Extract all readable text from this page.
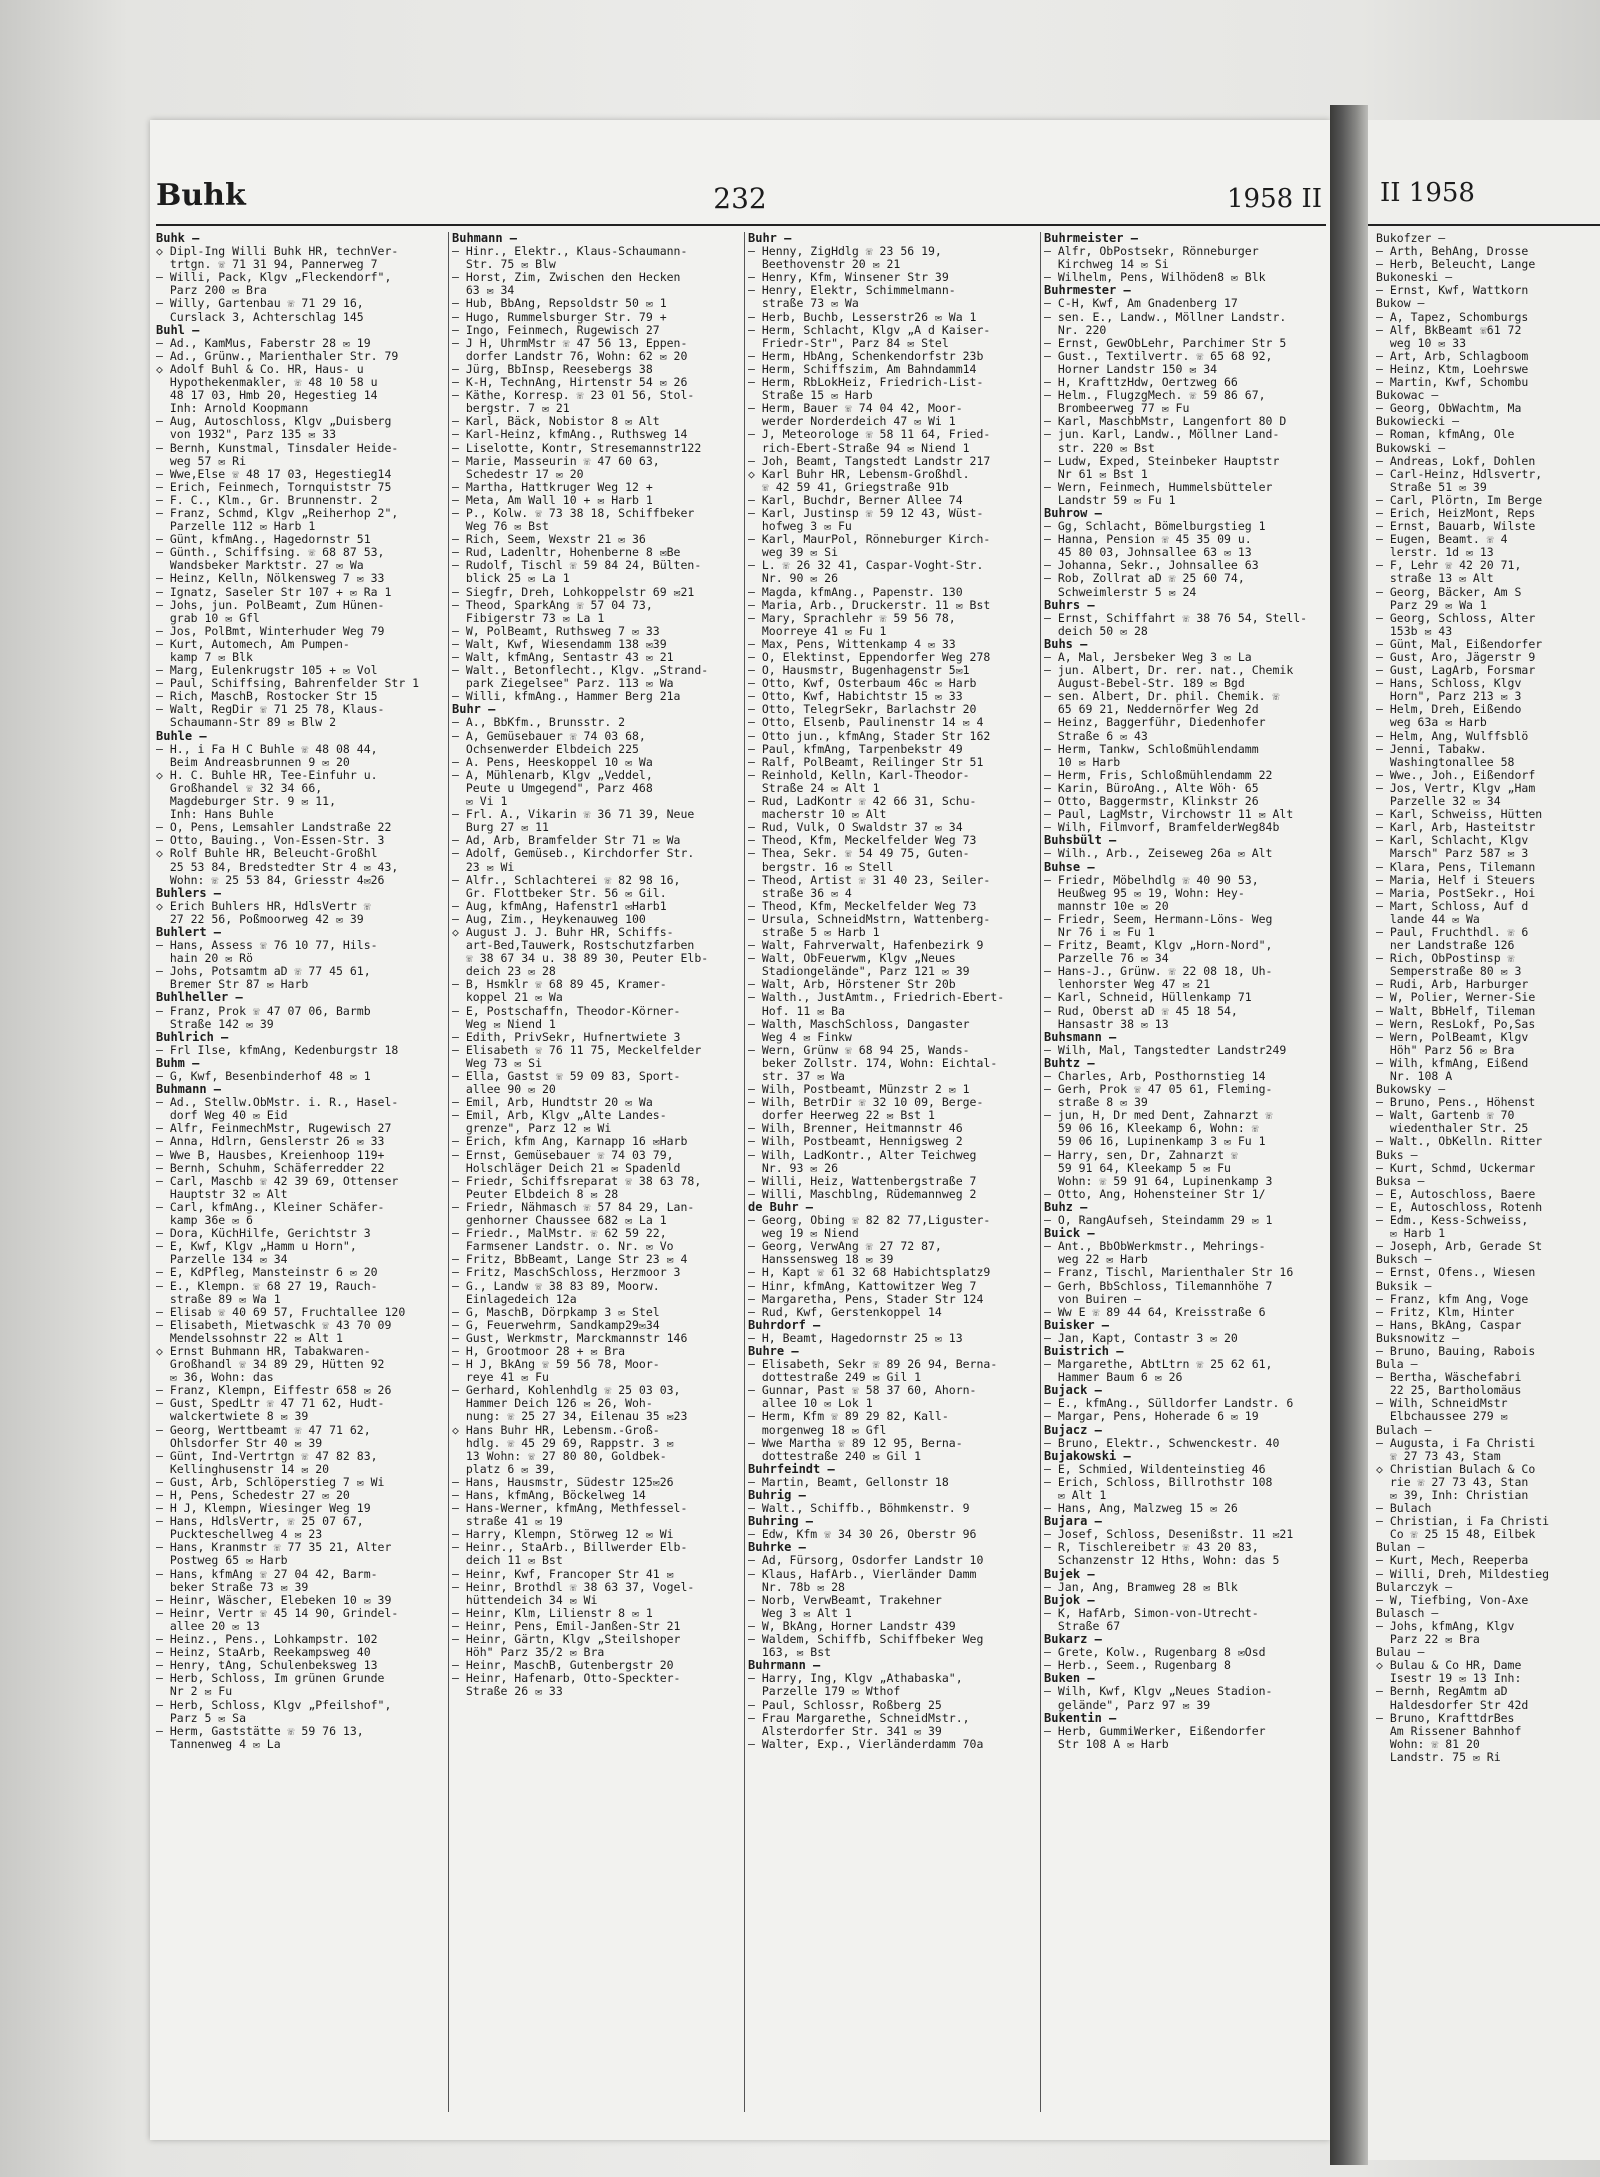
Buhk	232	1958 II
Buhk —
◇ Dipl-Ing Willi Buhk HR, technVer-
trtgn. ☏ 71 31 94, Pannerweg 7
— Willi, Pack, Klgv „Fleckendorf",
Parz 200 ✉ Bra
— Willy, Gartenbau ☏ 71 29 16,
Curslack 3, Achterschlag 145
Buhl —
— Ad., KamMus, Faberstr 28 ✉ 19
— Ad., Grünw., Marienthaler Str. 79
◇ Adolf Buhl & Co. HR, Haus- u
Hypothekenmakler, ☏ 48 10 58 u
48 17 03, Hmb 20, Hegestieg 14
Inh: Arnold Koopmann
— Aug, Autoschloss, Klgv „Duisberg
von 1932", Parz 135 ✉ 33
— Bernh, Kunstmal, Tinsdaler Heide-
weg 57 ✉ Ri
— Wwe,Else ☏ 48 17 03, Hegestieg14
— Erich, Feinmech, Tornquiststr 75
— F. C., Klm., Gr. Brunnenstr. 2
— Franz, Schmd, Klgv „Reiherhop 2",
Parzelle 112 ✉ Harb 1
— Günt, kfmAng., Hagedornstr 51
— Günth., Schiffsing. ☏ 68 87 53,
Wandsbeker Marktstr. 27 ✉ Wa
— Heinz, Kelln, Nölkensweg 7 ✉ 33
— Ignatz, Saseler Str 107 + ✉ Ra 1
— Johs, jun. PolBeamt, Zum Hünen-
grab 10 ✉ Gfl
— Jos, PolBmt, Winterhuder Weg 79
— Kurt, Automech, Am Pumpen-
kamp 7 ✉ Blk
— Marg, Eulenkrugstr 105 + ✉ Vol
— Paul, Schiffsing, Bahrenfelder Str 1
— Rich, MaschB, Rostocker Str 15
— Walt, RegDir ☏ 71 25 78, Klaus-
Schaumann-Str 89 ✉ Blw 2
Buhle —
— H., i Fa H C Buhle ☏ 48 08 44,
Beim Andreasbrunnen 9 ✉ 20
◇ H. C. Buhle HR, Tee-Einfuhr u.
Großhandel ☏ 32 34 66,
Magdeburger Str. 9 ✉ 11,
Inh: Hans Buhle
— O, Pens, Lemsahler Landstraße 22
— Otto, Bauing., Von-Essen-Str. 3
◇ Rolf Buhle HR, Beleucht-Großhl
25 53 84, Bredstedter Str 4 ✉ 43,
Wohn: ☏ 25 53 84, Griesstr 4✉26
Buhlers —
◇ Erich Buhlers HR, HdlsVertr ☏
27 22 56, Poßmoorweg 42 ✉ 39
Buhlert —
— Hans, Assess ☏ 76 10 77, Hils-
hain 20 ✉ Rö
— Johs, Potsamtm aD ☏ 77 45 61,
Bremer Str 87 ✉ Harb
Buhlheller —
— Franz, Prok ☏ 47 07 06, Barmb
Straße 142 ✉ 39
Buhlrich —
— Frl Ilse, kfmAng, Kedenburgstr 18
Buhm —
— G, Kwf, Besenbinderhof 48 ✉ 1
Buhmann —
— Ad., Stellw.ObMstr. i. R., Hasel-
dorf Weg 40 ✉ Eid
— Alfr, FeinmechMstr, Rugewisch 27
— Anna, Hdlrn, Genslerstr 26 ✉ 33
— Wwe B, Hausbes, Kreienhoop 119+
— Bernh, Schuhm, Schäferredder 22
— Carl, Maschb ☏ 42 39 69, Ottenser
Hauptstr 32 ✉ Alt
— Carl, kfmAng., Kleiner Schäfer-
kamp 36e ✉ 6
— Dora, KüchHilfe, Gerichtstr 3
— E, Kwf, Klgv „Hamm u Horn",
Parzelle 134 ✉ 34
— E, KdPfleg, Mansteinstr 6 ✉ 20
— E., Klempn. ☏ 68 27 19, Rauch-
straße 89 ✉ Wa 1
— Elisab ☏ 40 69 57, Fruchtallee 120
— Elisabeth, Mietwaschk ☏ 43 70 09
Mendelssohnstr 22 ✉ Alt 1
◇ Ernst Buhmann HR, Tabakwaren-
Großhandl ☏ 34 89 29, Hütten 92
✉ 36, Wohn: das
— Franz, Klempn, Eiffestr 658 ✉ 26
— Gust, SpedLtr ☏ 47 71 62, Hudt-
walckertwiete 8 ✉ 39
— Georg, Werttbeamt ☏ 47 71 62,
Ohlsdorfer Str 40 ✉ 39
— Günt, Ind-Vertrtgn ☏ 47 82 83,
Kellinghusenstr 14 ✉ 20
— Gust, Arb, Schlöperstieg 7 ✉ Wi
— H, Pens, Schedestr 27 ✉ 20
— H J, Klempn, Wiesinger Weg 19
— Hans, HdlsVertr, ☏ 25 07 67,
Puckteschellweg 4 ✉ 23
— Hans, Kranmstr ☏ 77 35 21, Alter
Postweg 65 ✉ Harb
— Hans, kfmAng ☏ 27 04 42, Barm-
beker Straße 73 ✉ 39
— Heinr, Wäscher, Elebeken 10 ✉ 39
— Heinr, Vertr ☏ 45 14 90, Grindel-
allee 20 ✉ 13
— Heinz., Pens., Lohkampstr. 102
— Heinz, StaArb, Reekampsweg 40
— Henry, tAng, Schulenbeksweg 13
— Herb, Schloss, Im grünen Grunde
Nr 2 ✉ Fu
— Herb, Schloss, Klgv „Pfeilshof",
Parz 5 ✉ Sa
— Herm, Gaststätte ☏ 59 76 13,
Tannenweg 4 ✉ La
Buhmann —
— Hinr., Elektr., Klaus-Schaumann-
Str. 75 ✉ Blw
— Horst, Zim, Zwischen den Hecken
63 ✉ 34
— Hub, BbAng, Repsoldstr 50 ✉ 1
— Hugo, Rummelsburger Str. 79 +
— Ingo, Feinmech, Rugewisch 27
— J H, UhrmMstr ☏ 47 56 13, Eppen-
dorfer Landstr 76, Wohn: 62 ✉ 20
— Jürg, BbInsp, Reesebergs 38
— K-H, TechnAng, Hirtenstr 54 ✉ 26
— Käthe, Korresp. ☏ 23 01 56, Stol-
bergstr. 7 ✉ 21
— Karl, Bäck, Nobistor 8 ✉ Alt
— Karl-Heinz, kfmAng., Ruthsweg 14
— Liselotte, Kontr, Stresemannstr122
— Marie, Masseurin ☏ 47 60 63,
Schedestr 17 ✉ 20
— Martha, Hattkruger Weg 12 +
— Meta, Am Wall 10 + ✉ Harb 1
— P., Kolw. ☏ 73 38 18, Schiffbeker
Weg 76 ✉ Bst
— Rich, Seem, Wexstr 21 ✉ 36
— Rud, Ladenltr, Hohenberne 8 ✉Be
— Rudolf, Tischl ☏ 59 84 24, Bülten-
blick 25 ✉ La 1
— Siegfr, Dreh, Lohkoppelstr 69 ✉21
— Theod, SparkAng ☏ 57 04 73,
Fibigerstr 73 ✉ La 1
— W, PolBeamt, Ruthsweg 7 ✉ 33
— Walt, Kwf, Wiesendamm 138 ✉39
— Walt, kfmAng, Sentastr 43 ✉ 21
— Walt., Betonflecht., Klgv. „Strand-
park Ziegelsee" Parz. 113 ✉ Wa
— Willi, kfmAng., Hammer Berg 21a
Buhr —
— A., BbKfm., Brunsstr. 2
— A, Gemüsebauer ☏ 74 03 68,
Ochsenwerder Elbdeich 225
— A. Pens, Heeskoppel 10 ✉ Wa
— A, Mühlenarb, Klgv „Veddel,
Peute u Umgegend", Parz 468
✉ Vi 1
— Frl. A., Vikarin ☏ 36 71 39, Neue
Burg 27 ✉ 11
— Ad, Arb, Bramfelder Str 71 ✉ Wa
— Adolf, Gemüseb., Kirchdorfer Str.
23 ✉ Wi
— Alfr., Schlachterei ☏ 82 98 16,
Gr. Flottbeker Str. 56 ✉ Gil.
— Aug, kfmAng, Hafenstr1 ✉Harb1
— Aug, Zim., Heykenauweg 100
◇ August J. J. Buhr HR, Schiffs-
art-Bed,Tauwerk, Rostschutzfarben
☏ 38 67 34 u. 38 89 30, Peuter Elb-
deich 23 ✉ 28
— B, Hsmklr ☏ 68 89 45, Kramer-
koppel 21 ✉ Wa
— E, Postschaffn, Theodor-Körner-
Weg ✉ Niend 1
— Edith, PrivSekr, Hufnertwiete 3
— Elisabeth ☏ 76 11 75, Meckelfelder
Weg 73 ✉ Si
— Ella, Gastst ☏ 59 09 83, Sport-
allee 90 ✉ 20
— Emil, Arb, Hundtstr 20 ✉ Wa
— Emil, Arb, Klgv „Alte Landes-
grenze", Parz 12 ✉ Wi
— Erich, kfm Ang, Karnapp 16 ✉Harb
— Ernst, Gemüsebauer ☏ 74 03 79,
Holschläger Deich 21 ✉ Spadenld
— Friedr, Schiffsreparat ☏ 38 63 78,
Peuter Elbdeich 8 ✉ 28
— Friedr, Nähmasch ☏ 57 84 29, Lan-
genhorner Chaussee 682 ✉ La 1
— Friedr., MalMstr. ☏ 62 59 22,
Farmsener Landstr. o. Nr. ✉ Vo
— Fritz, BbBeamt, Lange Str 23 ✉ 4
— Fritz, MaschSchloss, Herzmoor 3
— G., Landw ☏ 38 83 89, Moorw.
Einlagedeich 12a
— G, MaschB, Dörpkamp 3 ✉ Stel
— G, Feuerwehrm, Sandkamp29✉34
— Gust, Werkmstr, Marckmannstr 146
— H, Grootmoor 28 + ✉ Bra
— H J, BkAng ☏ 59 56 78, Moor-
reye 41 ✉ Fu
— Gerhard, Kohlenhdlg ☏ 25 03 03,
Hammer Deich 126 ✉ 26, Woh-
nung: ☏ 25 27 34, Eilenau 35 ✉23
◇ Hans Buhr HR, Lebensm.-Groß-
hdlg. ☏ 45 29 69, Rappstr. 3 ✉
13 Wohn: ☏ 27 80 80, Goldbek-
platz 6 ✉ 39,
— Hans, Hausmstr, Südestr 125✉26
— Hans, kfmAng, Böckelweg 14
— Hans-Werner, kfmAng, Methfessel-
straße 41 ✉ 19
— Harry, Klempn, Störweg 12 ✉ Wi
— Heinr., StaArb., Billwerder Elb-
deich 11 ✉ Bst
— Heinr, Kwf, Francoper Str 41 ✉
— Heinr, Brothdl ☏ 38 63 37, Vogel-
hüttendeich 34 ✉ Wi
— Heinr, Klm, Lilienstr 8 ✉ 1
— Heinr, Pens, Emil-Janßen-Str 21
— Heinr, Gärtn, Klgv „Steilshoper
Höh" Parz 35/2 ✉ Bra
— Heinr, MaschB, Gutenbergstr 20
— Heinr, Hafenarb, Otto-Speckter-
Straße 26 ✉ 33
Buhr —
— Henny, ZigHdlg ☏ 23 56 19,
Beethovenstr 20 ✉ 21
— Henry, Kfm, Winsener Str 39
— Henry, Elektr, Schimmelmann-
straße 73 ✉ Wa
— Herb, Buchb, Lesserstr26 ✉ Wa 1
— Herm, Schlacht, Klgv „A d Kaiser-
Friedr-Str", Parz 84 ✉ Stel
— Herm, HbAng, Schenkendorfstr 23b
— Herm, Schiffszim, Am Bahndamm14
— Herm, RbLokHeiz, Friedrich-List-
Straße 15 ✉ Harb
— Herm, Bauer ☏ 74 04 42, Moor-
werder Norderdeich 47 ✉ Wi 1
— J, Meteorologe ☏ 58 11 64, Fried-
rich-Ebert-Straße 94 ✉ Niend 1
— Joh, Beamt, Tangstedt Landstr 217
◇ Karl Buhr HR, Lebensm-Großhdl.
☏ 42 59 41, Griegstraße 91b
— Karl, Buchdr, Berner Allee 74
— Karl, Justinsp ☏ 59 12 43, Wüst-
hofweg 3 ✉ Fu
— Karl, MaurPol, Rönneburger Kirch-
weg 39 ✉ Si
— L. ☏ 26 32 41, Caspar-Voght-Str.
Nr. 90 ✉ 26
— Magda, kfmAng., Papenstr. 130
— Maria, Arb., Druckerstr. 11 ✉ Bst
— Mary, Sprachlehr ☏ 59 56 78,
Moorreye 41 ✉ Fu 1
— Max, Pens, Wittenkamp 4 ✉ 33
— O, Elektinst, Eppendorfer Weg 278
— O, Hausmstr, Bugenhagenstr 5✉1
— Otto, Kwf, Osterbaum 46c ✉ Harb
— Otto, Kwf, Habichtstr 15 ✉ 33
— Otto, TelegrSekr, Barlachstr 20
— Otto, Elsenb, Paulinenstr 14 ✉ 4
— Otto jun., kfmAng, Stader Str 162
— Paul, kfmAng, Tarpenbekstr 49
— Ralf, PolBeamt, Reilinger Str 51
— Reinhold, Kelln, Karl-Theodor-
Straße 24 ✉ Alt 1
— Rud, LadKontr ☏ 42 66 31, Schu-
macherstr 10 ✉ Alt
— Rud, Vulk, O Swaldstr 37 ✉ 34
— Theod, Kfm, Meckelfelder Weg 73
— Thea, Sekr. ☏ 54 49 75, Guten-
bergstr. 16 ✉ Stell
— Theod, Artist ☏ 31 40 23, Seiler-
straße 36 ✉ 4
— Theod, Kfm, Meckelfelder Weg 73
— Ursula, SchneidMstrn, Wattenberg-
straße 5 ✉ Harb 1
— Walt, Fahrverwalt, Hafenbezirk 9
— Walt, ObFeuerwm, Klgv „Neues
Stadiongelände", Parz 121 ✉ 39
— Walt, Arb, Hörstener Str 20b
— Walth., JustAmtm., Friedrich-Ebert-
Hof. 11 ✉ Ba
— Walth, MaschSchloss, Dangaster
Weg 4 ✉ Finkw
— Wern, Grünw ☏ 68 94 25, Wands-
beker Zollstr. 174, Wohn: Eichtal-
str. 37 ✉ Wa
— Wilh, Postbeamt, Münzstr 2 ✉ 1
— Wilh, BetrDir ☏ 32 10 09, Berge-
dorfer Heerweg 22 ✉ Bst 1
— Wilh, Brenner, Heitmannstr 46
— Wilh, Postbeamt, Hennigsweg 2
— Wilh, LadKontr., Alter Teichweg
Nr. 93 ✉ 26
— Willi, Heiz, Wattenbergstraße 7
— Willi, Maschblng, Rüdemannweg 2
de Buhr —
— Georg, Obing ☏ 82 82 77,Liguster-
weg 19 ✉ Niend
— Georg, VerwAng ☏ 27 72 87,
Hanssensweg 18 ✉ 39
— H, Kapt ☏ 61 32 68 Habichtsplatz9
— Hinr, kfmAng, Kattowitzer Weg 7
— Margaretha, Pens, Stader Str 124
— Rud, Kwf, Gerstenkoppel 14
Buhrdorf —
— H, Beamt, Hagedornstr 25 ✉ 13
Buhre —
— Elisabeth, Sekr ☏ 89 26 94, Berna-
dottestraße 249 ✉ Gil 1
— Gunnar, Past ☏ 58 37 60, Ahorn-
allee 10 ✉ Lok 1
— Herm, Kfm ☏ 89 29 82, Kall-
morgenweg 18 ✉ Gfl
— Wwe Martha ☏ 89 12 95, Berna-
dottestraße 240 ✉ Gil 1
Buhrfeindt —
— Martin, Beamt, Gellonstr 18
Buhrig —
— Walt., Schiffb., Böhmkenstr. 9
Buhring —
— Edw, Kfm ☏ 34 30 26, Oberstr 96
Buhrke —
— Ad, Fürsorg, Osdorfer Landstr 10
— Klaus, HafArb., Vierländer Damm
Nr. 78b ✉ 28
— Norb, VerwBeamt, Trakehner
Weg 3 ✉ Alt 1
— W, BkAng, Horner Landstr 439
— Waldem, Schiffb, Schiffbeker Weg
163, ✉ Bst
Buhrmann —
— Harry, Ing, Klgv „Athabaska",
Parzelle 179 ✉ Wthof
— Paul, Schlossr, Roßberg 25
— Frau Margarethe, SchneidMstr.,
Alsterdorfer Str. 341 ✉ 39
— Walter, Exp., Vierländerdamm 70a
Buhrmeister —
— Alfr, ObPostsekr, Rönneburger
Kirchweg 14 ✉ Si
— Wilhelm, Pens, Wilhöden8 ✉ Blk
Buhrmester —
— C-H, Kwf, Am Gnadenberg 17
— sen. E., Landw., Möllner Landstr.
Nr. 220
— Ernst, GewObLehr, Parchimer Str 5
— Gust., Textilvertr. ☏ 65 68 92,
Horner Landstr 150 ✉ 34
— H, KrafttzHdw, Oertzweg 66
— Helm., FlugzgMech. ☏ 59 86 67,
Brombeerweg 77 ✉ Fu
— Karl, MaschbMstr, Langenfort 80 D
— jun. Karl, Landw., Möllner Land-
str. 220 ✉ Bst
— Ludw, Exped, Steinbeker Hauptstr
Nr 61 ✉ Bst 1
— Wern, Feinmech, Hummelsbütteler
Landstr 59 ✉ Fu 1
Buhrow —
— Gg, Schlacht, Bömelburgstieg 1
— Hanna, Pension ☏ 45 35 09 u.
45 80 03, Johnsallee 63 ✉ 13
— Johanna, Sekr., Johnsallee 63
— Rob, Zollrat aD ☏ 25 60 74,
Schweimlerstr 5 ✉ 24
Buhrs —
— Ernst, Schiffahrt ☏ 38 76 54, Stell-
deich 50 ✉ 28
Buhs —
— A, Mal, Jersbeker Weg 3 ✉ La
— jun. Albert, Dr. rer. nat., Chemik
August-Bebel-Str. 189 ✉ Bgd
— sen. Albert, Dr. phil. Chemik. ☏
65 69 21, Neddernörfer Weg 2d
— Heinz, Baggerführ, Diedenhofer
Straße 6 ✉ 43
— Herm, Tankw, Schloßmühlendamm
10 ✉ Harb
— Herm, Fris, Schloßmühlendamm 22
— Karin, BüroAng., Alte Wöh· 65
— Otto, Baggermstr, Klinkstr 26
— Paul, LagMstr, Virchowstr 11 ✉ Alt
— Wilh, Filmvorf, BramfelderWeg84b
Buhsbült —
— Wilh., Arb., Zeiseweg 26a ✉ Alt
Buhse —
— Friedr, Möbelhdlg ☏ 40 90 53,
Heußweg 95 ✉ 19, Wohn: Hey-
mannstr 10e ✉ 20
— Friedr, Seem, Hermann-Löns- Weg
Nr 76 i ✉ Fu 1
— Fritz, Beamt, Klgv „Horn-Nord",
Parzelle 76 ✉ 34
— Hans-J., Grünw. ☏ 22 08 18, Uh-
lenhorster Weg 47 ✉ 21
— Karl, Schneid, Hüllenkamp 71
— Rud, Oberst aD ☏ 45 18 54,
Hansastr 38 ✉ 13
Buhsmann —
— Wilh, Mal, Tangstedter Landstr249
Buhtz —
— Charles, Arb, Posthornstieg 14
— Gerh, Prok ☏ 47 05 61, Fleming-
straße 8 ✉ 39
— jun, H, Dr med Dent, Zahnarzt ☏
59 06 16, Kleekamp 6, Wohn: ☏
59 06 16, Lupinenkamp 3 ✉ Fu 1
— Harry, sen, Dr, Zahnarzt ☏
59 91 64, Kleekamp 5 ✉ Fu
Wohn: ☏ 59 91 64, Lupinenkamp 3
— Otto, Ang, Hohensteiner Str 1/
Buhz —
— O, RangAufseh, Steindamm 29 ✉ 1
Buick —
— Ant., BbObWerkmstr., Mehrings-
weg 22 ✉ Harb
— Franz, Tischl, Marienthaler Str 16
— Gerh, BbSchloss, Tilemannhöhe 7
von Buiren —
— Ww E ☏ 89 44 64, Kreisstraße 6
Buisker —
— Jan, Kapt, Contastr 3 ✉ 20
Buistrich —
— Margarethe, AbtLtrn ☏ 25 62 61,
Hammer Baum 6 ✉ 26
Bujack —
— E., kfmAng., Sülldorfer Landstr. 6
— Margar, Pens, Hoherade 6 ✉ 19
Bujacz —
— Bruno, Elektr., Schwenckestr. 40
Bujakowski —
— E, Schmied, Wildenteinstieg 46
— Erich, Schloss, Billrothstr 108
✉ Alt 1
— Hans, Ang, Malzweg 15 ✉ 26
Bujara —
— Josef, Schloss, Desenißstr. 11 ✉21
— R, Tischlereibetr ☏ 43 20 83,
Schanzenstr 12 Hths, Wohn: das 5
Bujek —
— Jan, Ang, Bramweg 28 ✉ Blk
Bujok —
— K, HafArb, Simon-von-Utrecht-
Straße 67
Bukarz —
— Grete, Kolw., Rugenbarg 8 ✉Osd
— Herb., Seem., Rugenbarg 8
Buken —
— Wilh, Kwf, Klgv „Neues Stadion-
gelände", Parz 97 ✉ 39
Bukentin —
— Herb, GummiWerker, Eißendorfer
Str 108 A ✉ Harb
II 1958
Bukofzer —
— Arth, BehAng, Drosse
— Herb, Beleucht, Lange
Bukoneski —
— Ernst, Kwf, Wattkorn
Bukow —
— A, Tapez, Schomburgs
— Alf, BkBeamt ☏61 72
weg 10 ✉ 33
— Art, Arb, Schlagboom
— Heinz, Ktm, Loehrswe
— Martin, Kwf, Schombu
Bukowac —
— Georg, ObWachtm, Ma
Bukowiecki —
— Roman, kfmAng, Ole
Bukowski —
— Andreas, Lokf, Dohlen
— Carl-Heinz, Hdlsvertr,
Straße 51 ✉ 39
— Carl, Plörtn, Im Berge
— Erich, HeizMont, Reps
— Ernst, Bauarb, Wilste
— Eugen, Beamt. ☏ 4
lerstr. 1d ✉ 13
— F, Lehr ☏ 42 20 71,
straße 13 ✉ Alt
— Georg, Bäcker, Am S
Parz 29 ✉ Wa 1
— Georg, Schloss, Alter
153b ✉ 43
— Günt, Mal, Eißendorfer
— Gust, Aro, Jägerstr 9
— Gust, LagArb, Forsmar
— Hans, Schloss, Klgv
Horn", Parz 213 ✉ 3
— Helm, Dreh, Eißendo
weg 63a ✉ Harb
— Helm, Ang, Wulffsblö
— Jenni, Tabakw.
Washingtonallee 58
— Wwe., Joh., Eißendorf
— Jos, Vertr, Klgv „Ham
Parzelle 32 ✉ 34
— Karl, Schweiss, Hütten
— Karl, Arb, Hasteitstr
— Karl, Schlacht, Klgv
Marsch" Parz 587 ✉ 3
— Klara, Pens, Tilemann
— Maria, Helf i Steuers
— Maria, PostSekr., Hoi
— Mart, Schloss, Auf d
lande 44 ✉ Wa
— Paul, Fruchthdl. ☏ 6
ner Landstraße 126
— Rich, ObPostinsp ☏
Semperstraße 80 ✉ 3
— Rudi, Arb, Harburger
— W, Polier, Werner-Sie
— Walt, BbHelf, Tileman
— Wern, ResLokf, Po,Sas
— Wern, PolBeamt, Klgv
Höh" Parz 56 ✉ Bra
— Wilh, kfmAng, Eißend
Nr. 108 A
Bukowsky —
— Bruno, Pens., Höhenst
— Walt, Gartenb ☏ 70
wiedenthaler Str. 25
— Walt., ObKelln. Ritter
Buks —
— Kurt, Schmd, Uckermar
Buksa —
— E, Autoschloss, Baere
— E, Autoschloss, Rotenh
— Edm., Kess-Schweiss,
✉ Harb 1
— Joseph, Arb, Gerade St
Buksch —
— Ernst, Ofens., Wiesen
Buksik —
— Franz, kfm Ang, Voge
— Fritz, Klm, Hinter
— Hans, BkAng, Caspar
Buksnowitz —
— Bruno, Bauing, Rabois
Bula —
— Bertha, Wäschefabri
22 25, Bartholomäus
— Wilh, SchneidMstr
Elbchaussee 279 ✉
Bulach —
— Augusta, i Fa Christi
☏ 27 73 43, Stam
◇ Christian Bulach & Co
rie ☏ 27 73 43, Stan
✉ 39, Inh: Christian
— Bulach
— Christian, i Fa Christi
Co ☏ 25 15 48, Eilbek
Bulan —
— Kurt, Mech, Reeperba
— Willi, Dreh, Mildestieg
Bularczyk —
— W, Tiefbing, Von-Axe
Bulasch —
— Johs, kfmAng, Klgv
Parz 22 ✉ Bra
Bulau —
◇ Bulau & Co HR, Dame
Isestr 19 ✉ 13 Inh:
— Bernh, RegAmtm aD
Haldesdorfer Str 42d
— Bruno, KrafttdrBes
Am Rissener Bahnhof
Wohn: ☏ 81 20
Landstr. 75 ✉ Ri
